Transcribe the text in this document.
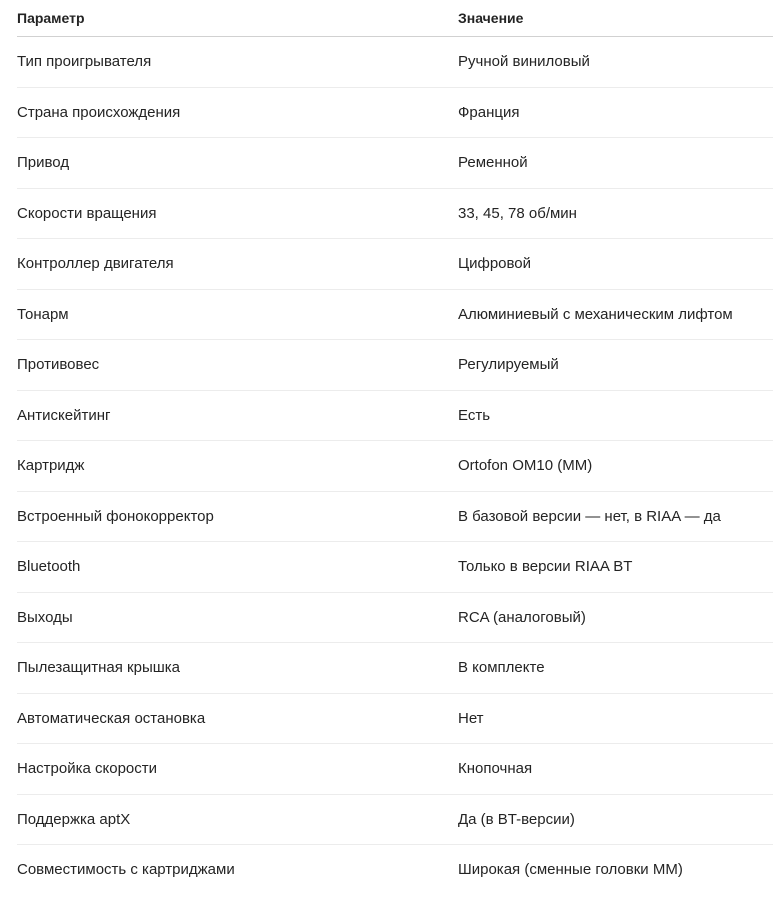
Параметр	Значение
Тип проигрывателя	Ручной виниловый
Страна происхождения	Франция
Привод	Ременной
Скорости вращения	33, 45, 78 об/мин
Контроллер двигателя	Цифровой
Тонарм	Алюминиевый с механическим лифтом
Противовес	Регулируемый
Антискейтинг	Есть
Картридж	Ortofon OM10 (MM)
Встроенный фонокорректор	В базовой версии — нет, в RIAA — да
Bluetooth	Только в версии RIAA BT
Выходы	RCA (аналоговый)
Пылезащитная крышка	В комплекте
Автоматическая остановка	Нет
Настройка скорости	Кнопочная
Поддержка aptX	Да (в BT-версии)
Совместимость с картриджами	Широкая (сменные головки MM)
